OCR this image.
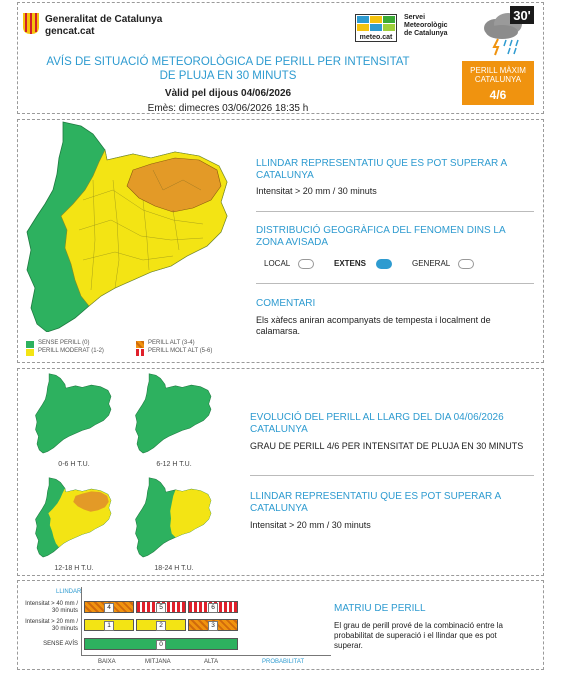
Generalitat de Catalunya
gencat.cat
meteo.cat
Servei
Meteorològic
de Catalunya
30'
AVÍS DE SITUACIÓ METEOROLÒGICA DE PERILL PER INTENSITAT DE PLUJA EN 30 MINUTS
Vàlid pel dijous 04/06/2026
Emès: dimecres 03/06/2026 18:35 h
PERILL MÀXIM CATALUNYA
4/6
SENSE PERILL (0)
PERILL MODERAT (1-2)
PERILL ALT (3-4)
PERILL MOLT ALT (5-6)
LLINDAR REPRESENTATIU QUE ES POT SUPERAR A CATALUNYA
Intensitat > 20 mm / 30 minuts
DISTRIBUCIÓ GEOGRÀFICA DEL FENOMEN DINS LA ZONA AVISADA
LOCAL	EXTENS	GENERAL
COMENTARI
Els xàfecs aniran acompanyats de tempesta i localment de calamarsa.
0-6 H T.U.	6-12 H T.U.
12-18 H T.U.	18-24 H T.U.
EVOLUCIÓ DEL PERILL AL LLARG DEL DIA 04/06/2026 CATALUNYA
GRAU DE PERILL 4/6 PER INTENSITAT DE PLUJA EN 30 MINUTS
LLINDAR REPRESENTATIU QUE ES POT SUPERAR A CATALUNYA
Intensitat > 20 mm / 30 minuts
LLINDAR
Intensitat > 40 mm / 30 minuts
Intensitat > 20 mm / 30 minuts
SENSE AVÍS
4	5	6
1	2	3
0
BAIXA	MITJANA	ALTA	PROBABILITAT
MATRIU DE PERILL
El grau de perill prové de la combinació entre la probabilitat de superació i el llindar que es pot superar.
